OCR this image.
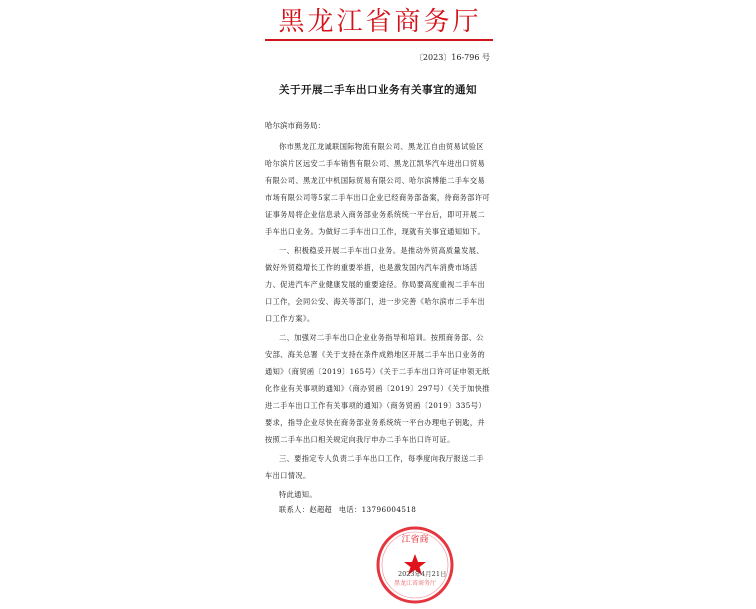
黑龙江省商务厅
〔2023〕16-796 号
关于开展二手车出口业务有关事宜的通知
哈尔滨市商务局：

你市黑龙江龙诚联国际物流有限公司、黑龙江自由贸易试验区哈尔滨片区远安二手车销售有限公司、黑龙江凯华汽车进出口贸易有限公司、黑龙江中机国际贸易有限公司、哈尔滨博能二手车交易市场有限公司等5家二手车出口企业已经商务部备案，待商务部许可证事务局将企业信息录入商务部业务系统统一平台后，即可开展二手车出口业务。为做好二手车出口工作，现就有关事宜通知如下。

一、积极稳妥开展二手车出口业务。是推动外贸高质量发展、做好外贸稳增长工作的重要举措，也是激发国内汽车消费市场活力、促进汽车产业健康发展的重要途径。你局要高度重视二手车出口工作，会同公安、海关等部门，进一步完善《哈尔滨市二手车出口工作方案》。

二、加强对二手车出口企业业务指导和培训。按照商务部、公安部、海关总署《关于支持在条件成熟地区开展二手车出口业务的通知》（商贸函〔2019〕165号）《关于二手车出口许可证申领无纸化作业有关事项的通知》（商办贸函〔2019〕297号）《关于加快推进二手车出口工作有关事项的通知》（商务贸函〔2019〕335号）要求，指导企业尽快在商务部业务系统统一平台办理电子钥匙，并按照二手车出口相关规定向我厅申办二手车出口许可证。

三、要指定专人负责二手车出口工作，每季度向我厅报送二手车出口情况。

特此通知。

联系人：赵超超 电话：13796004518
江省商
黑龙江省商务厅
2023年4月21日
